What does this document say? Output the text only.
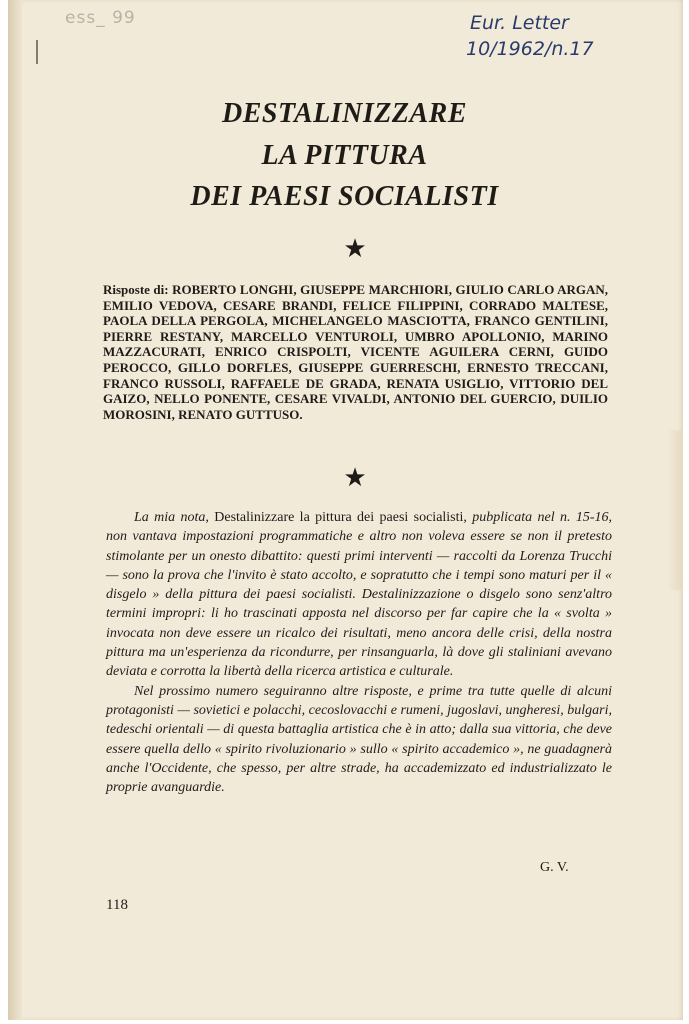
ess_ 99	Eur. Letter
10/1962/n.17
DESTALINIZZARE
LA PITTURA
DEI PAESI SOCIALISTI
★
Risposte di: ROBERTO LONGHI, GIUSEPPE MARCHIORI, GIULIO CARLO ARGAN, EMILIO VEDOVA, CESARE BRANDI, FELICE FILIPPINI, CORRADO MALTESE, PAOLA DELLA PERGOLA, MICHELANGELO MASCIOTTA, FRANCO GENTILINI, PIERRE RESTANY, MARCELLO VENTUROLI, UMBRO APOLLONIO, MARINO MAZZACURATI, ENRICO CRISPOLTI, VICENTE AGUILERA CERNI, GUIDO PEROCCO, GILLO DORFLES, GIUSEPPE GUERRESCHI, ERNESTO TRECCANI, FRANCO RUSSOLI, RAFFAELE DE GRADA, RENATA USIGLIO, VITTORIO DEL GAIZO, NELLO PONENTE, CESARE VIVALDI, ANTONIO DEL GUERCIO, DUILIO MOROSINI, RENATO GUTTUSO.
★

La mia nota, Destalinizzare la pittura dei paesi socialisti, pubplicata nel n. 15-16, non vantava impostazioni programmatiche e altro non voleva essere se non il pretesto stimolante per un onesto dibattito: questi primi interventi — raccolti da Lorenza Trucchi — sono la prova che l'invito è stato accolto, e sopratutto che i tempi sono maturi per il « disgelo » della pittura dei paesi socialisti. Destalinizzazione o disgelo sono senz'altro termini impropri: li ho trascinati apposta nel discorso per far capire che la « svolta » invocata non deve essere un ricalco dei risultati, meno ancora delle crisi, della nostra pittura ma un'esperienza da ricondurre, per rinsanguarla, là dove gli staliniani avevano deviata e corrotta la libertà della ricerca artistica e culturale.

Nel prossimo numero seguiranno altre risposte, e prime tra tutte quelle di alcuni protagonisti — sovietici e polacchi, cecoslovacchi e rumeni, jugoslavi, ungheresi, bulgari, tedeschi orientali — di questa battaglia artistica che è in atto; dalla sua vittoria, che deve essere quella dello « spirito rivoluzionario » sullo « spirito accademico », ne guadagnerà anche l'Occidente, che spesso, per altre strade, ha accademizzato ed industrializzato le proprie avanguardie.

G. V.
118
